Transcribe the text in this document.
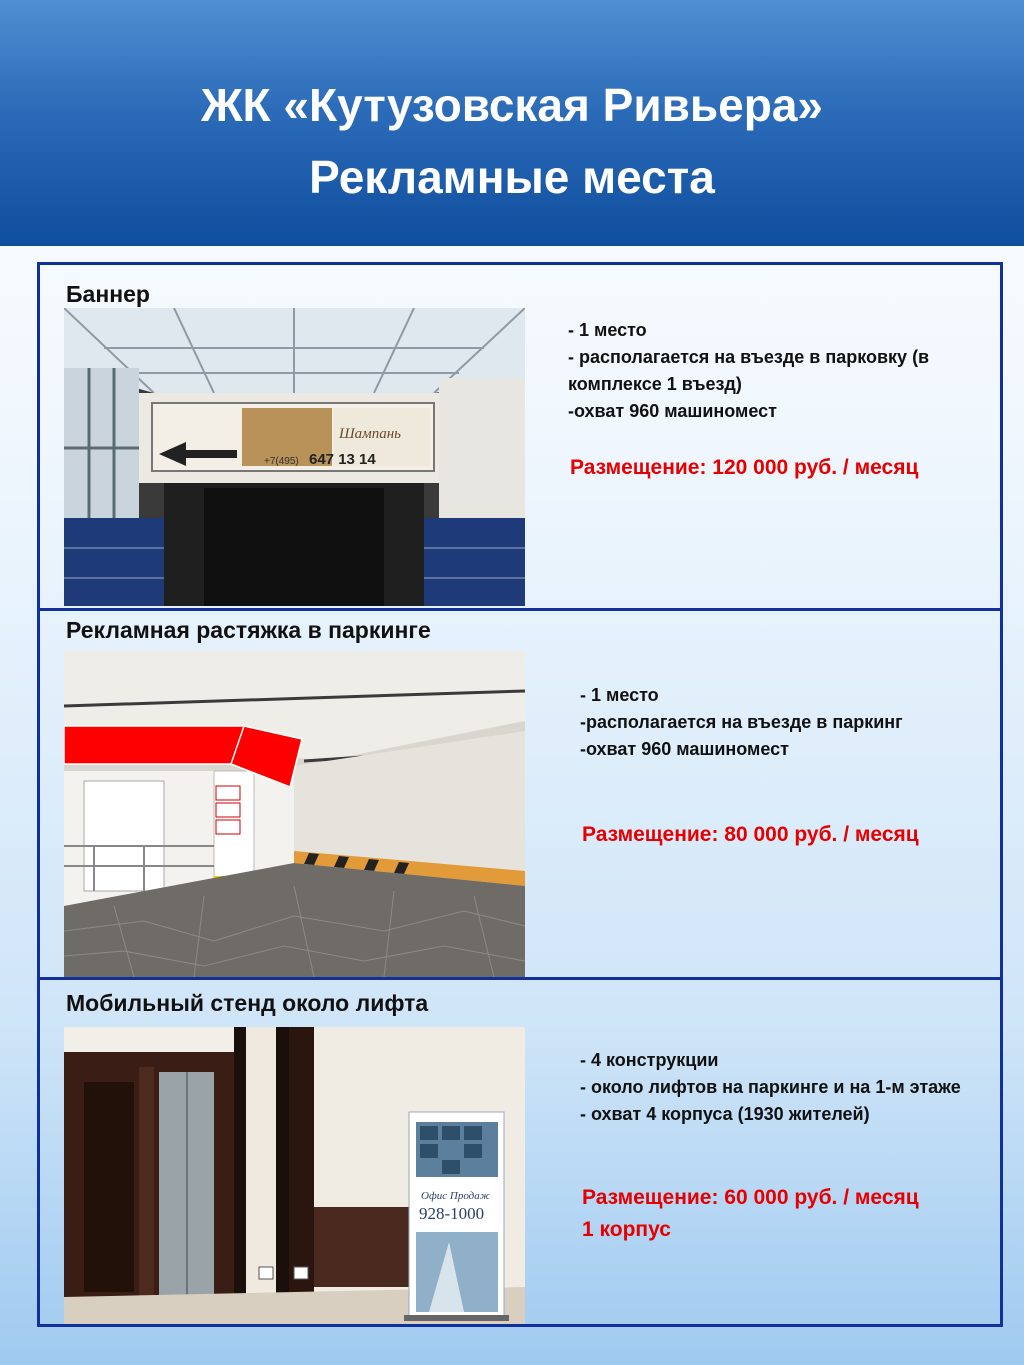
ЖК «Кутузовская Ривьера»
Рекламные места
Баннер
Шампань
+7(495) 647 13 14
- 1 место
- располагается на въезде в парковку (в
комплексе 1 въезд)
-охват 960 машиномест
Размещение: 120 000 руб. / месяц
Рекламная растяжка в паркинге
- 1 место
-располагается на въезде в паркинг
-охват 960 машиномест
Размещение: 80 000 руб. / месяц
Мобильный стенд около лифта
Офис Продаж
928-1000
- 4 конструкции
- около лифтов на паркинге и на 1-м этаже
- охват 4 корпуса (1930 жителей)
Размещение: 60 000 руб. / месяц
1 корпус
